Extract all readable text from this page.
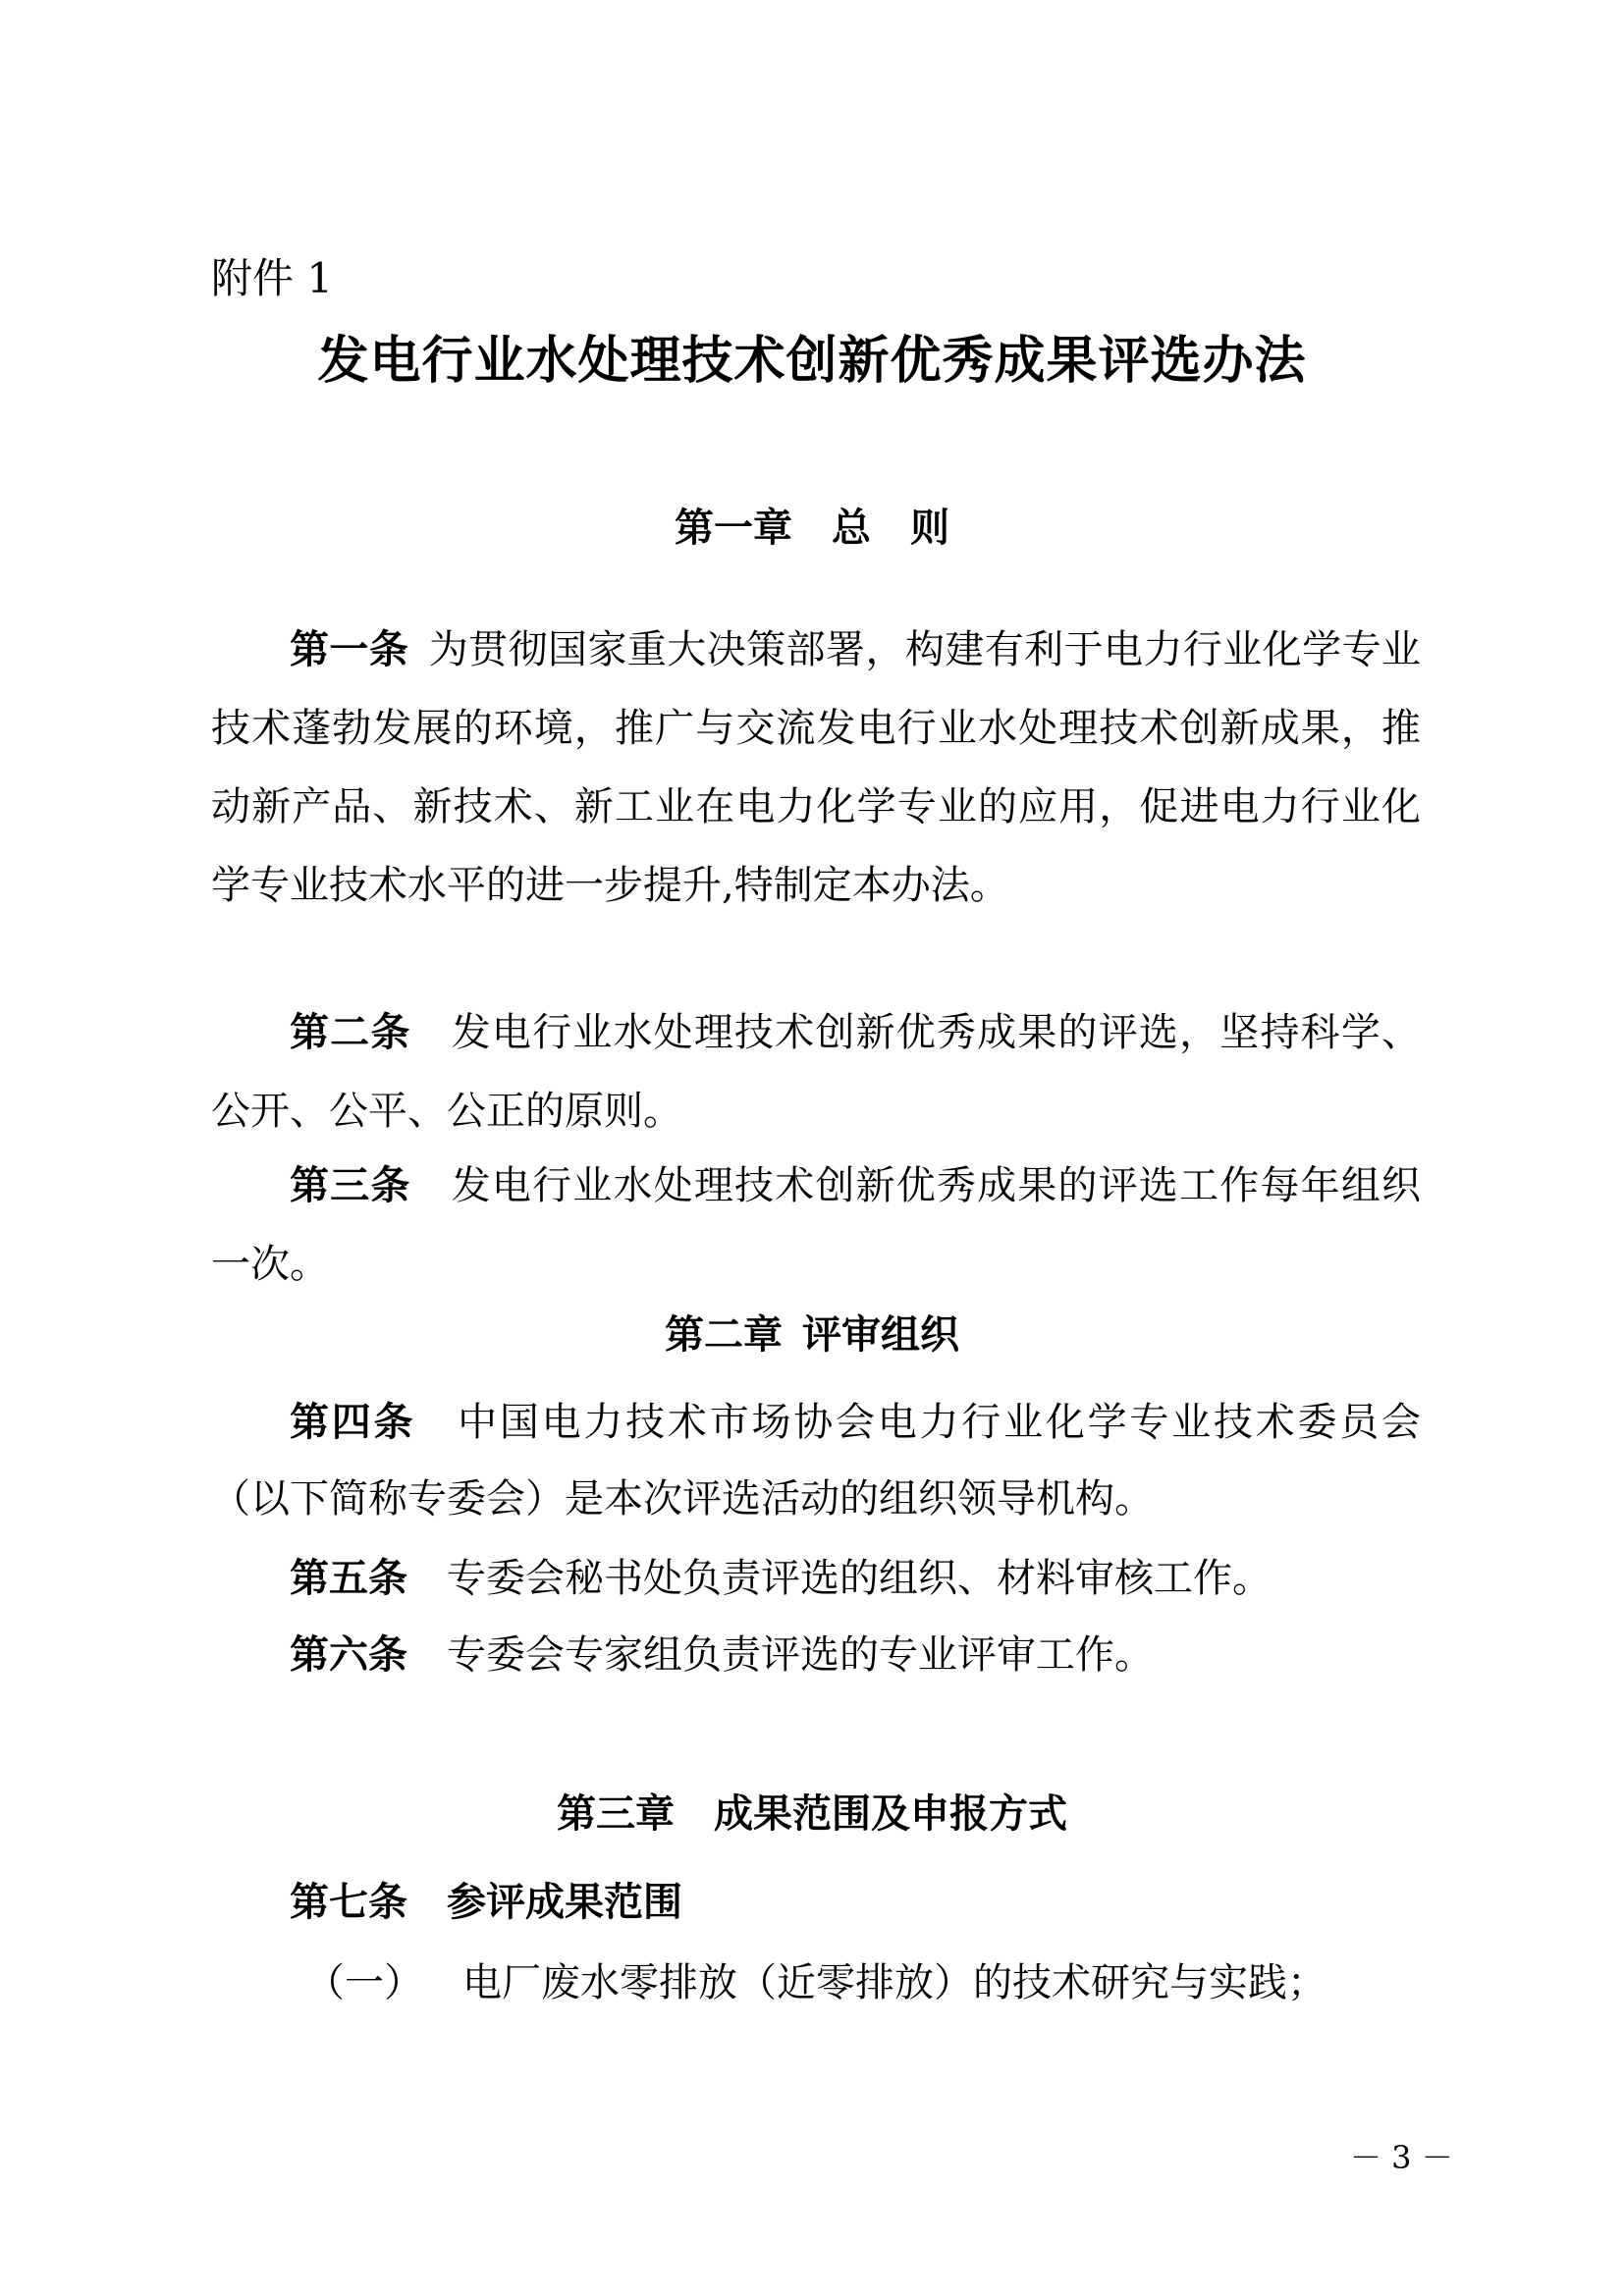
附件 1
发电行业水处理技术创新优秀成果评选办法
第一章 总　则

第一条 为贯彻国家重大决策部署，构建有利于电力行业化学专业技术蓬勃发展的环境，推广与交流发电行业水处理技术创新成果，推动新产品、新技术、新工业在电力化学专业的应用，促进电力行业化学专业技术水平的进一步提升,特制定本办法。

第二条 发电行业水处理技术创新优秀成果的评选，坚持科学、公开、公平、公正的原则。

第三条 发电行业水处理技术创新优秀成果的评选工作每年组织一次。

第二章 评审组织

第四条 中国电力技术市场协会电力行业化学专业技术委员会（以下简称专委会）是本次评选活动的组织领导机构。

第五条 专委会秘书处负责评选的组织、材料审核工作。

第六条 专委会专家组负责评选的专业评审工作。

第三章 成果范围及申报方式

第七条 参评成果范围

（一） 电厂废水零排放（近零排放）的技术研究与实践；

－ 3 －
